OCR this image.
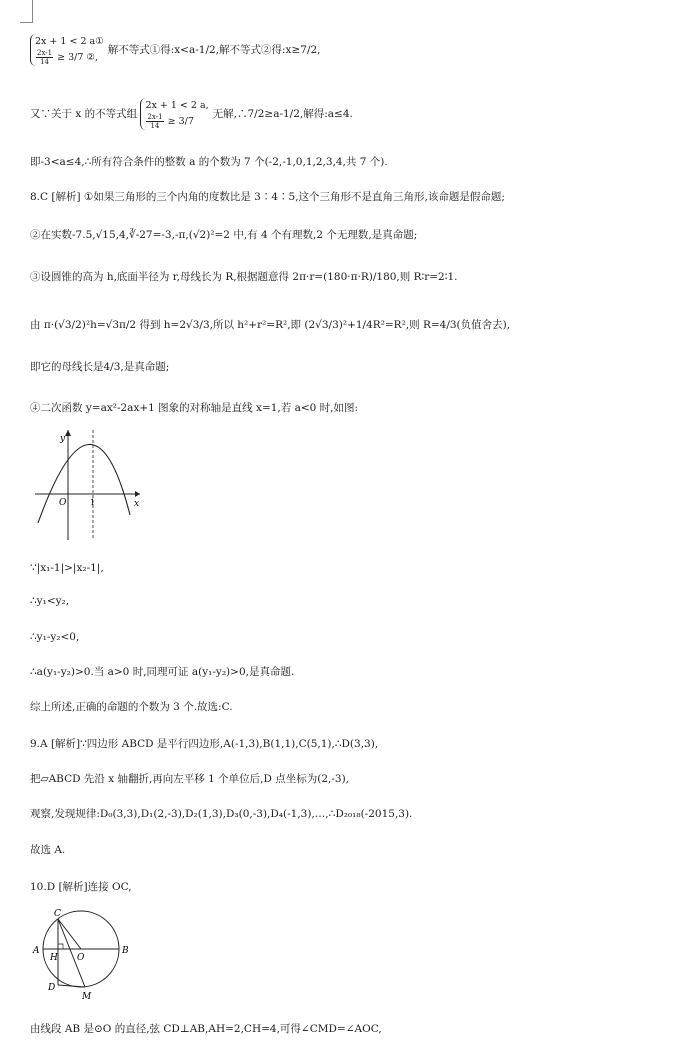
2x + 1 < 2 a①
$\frac{2x-1}{14} \ge 3/7$ ②,
解不等式①得:x<a-1/2,解不等式②得:x≥7/2,
又∵关于 x 的不等式组
2x + 1 < 2 a,
$\frac{2x-1}{14} \ge 3/7$
无解,∴7/2≥a-1/2,解得:a≤4.
即-3<a≤4,∴所有符合条件的整数 a 的个数为 7 个(-2,-1,0,1,2,3,4,共 7 个).
8.C [解析] ①如果三角形的三个内角的度数比是 3∶4∶5,这个三角形不是直角三角形,该命题是假命题;
②在实数-7.5,√15,4,∛-27=-3,-π,(√2)²=2 中,有 4 个有理数,2 个无理数,是真命题;
③设圆锥的高为 h,底面半径为 r,母线长为 R,根据题意得 2π·r=(180·π·R)/180,则 R∶r=2∶1.
由 π·(√3/2)²h=√3π/2 得到 h=2√3/3,所以 h²+r²=R²,即 (2√3/3)²+1/4R²=R²,则 R=4/3(负值舍去),
即它的母线长是4/3,是真命题;
④二次函数 y=ax²-2ax+1 图象的对称轴是直线 x=1,若 a<0 时,如图:
y
x
O	1
∵|x₁-1|>|x₂-1|,
∴y₁<y₂,
∴y₁-y₂<0,
∴a(y₁-y₂)>0.当 a>0 时,同理可证 a(y₁-y₂)>0,是真命题.
综上所述,正确的命题的个数为 3 个.故选:C.
9.A [解析]∵四边形 ABCD 是平行四边形,A(-1,3),B(1,1),C(5,1),∴D(3,3),
把▱ABCD 先沿 x 轴翻折,再向左平移 1 个单位后,D 点坐标为(2,-3),
观察,发现规律:D₀(3,3),D₁(2,-3),D₂(1,3),D₃(0,-3),D₄(-1,3),…,∴D₂₀₁₈(-2015,3).
故选 A.
10.D [解析]连接 OC,
C
A
H O
B
D
M
由线段 AB 是⊙O 的直径,弦 CD⊥AB,AH=2,CH=4,可得∠CMD=∠AOC,
